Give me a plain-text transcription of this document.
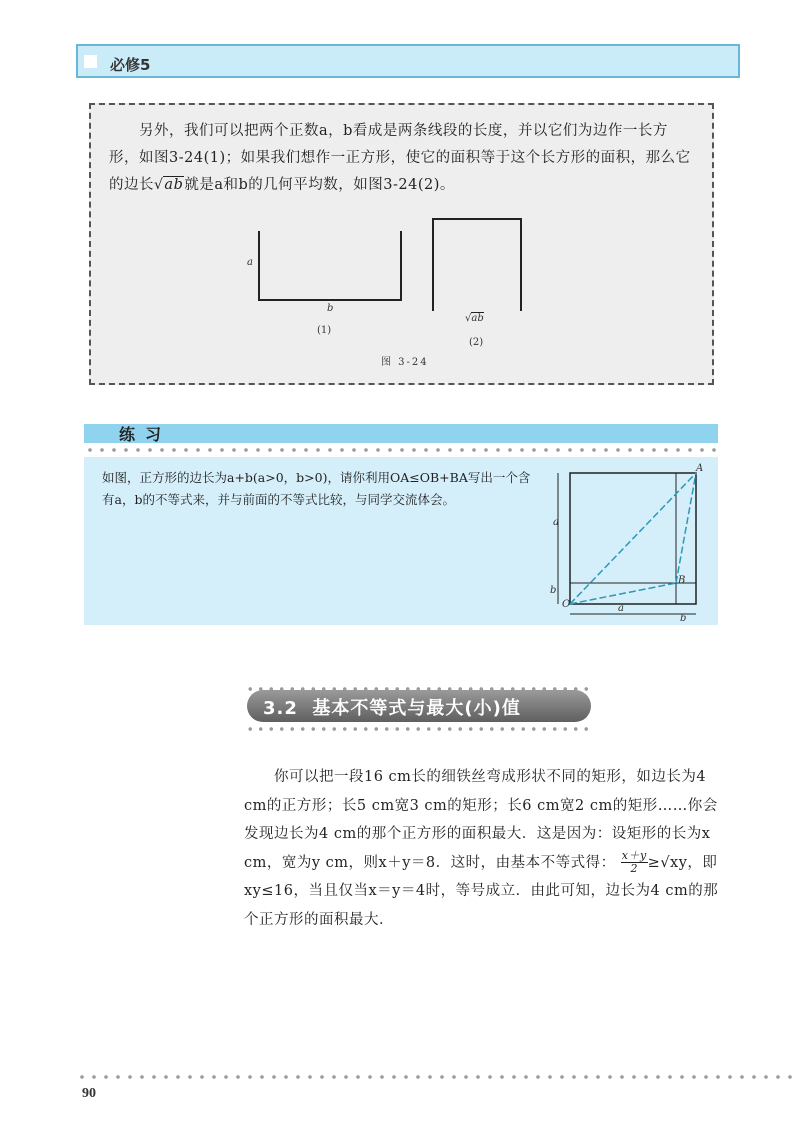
必修5
　　另外，我们可以把两个正数a，b看成是两条线段的长度，并以它们为边作一长方形，如图3-24(1)；如果我们想作一正方形，使它的面积等于这个长方形的面积，那么它的边长√ab就是a和b的几何平均数，如图3-24(2)。
a
b
(1)
√ab
(2)
图 3-24
练习
如图，正方形的边长为a+b(a>0，b>0)，请你利用OA≤OB+BA写出一个含有a，b的不等式来，并与前面的不等式比较，与同学交流体会。
A
B
O
a
b
a
b
3.2  基本不等式与最大(小)值
　　你可以把一段16 cm长的细铁丝弯成形状不同的矩形，如边长为4 cm的正方形；长5 cm宽3 cm的矩形；长6 cm宽2 cm的矩形……你会发现边长为4 cm的那个正方形的面积最大．这是因为：设矩形的长为x cm，宽为y cm，则x＋y＝8．这时，由基本不等式得： $\frac{x+y}{2} \ge√xy$，即xy≤16，当且仅当x＝y＝4时，等号成立．由此可知，边长为4 cm的那个正方形的面积最大．
90
